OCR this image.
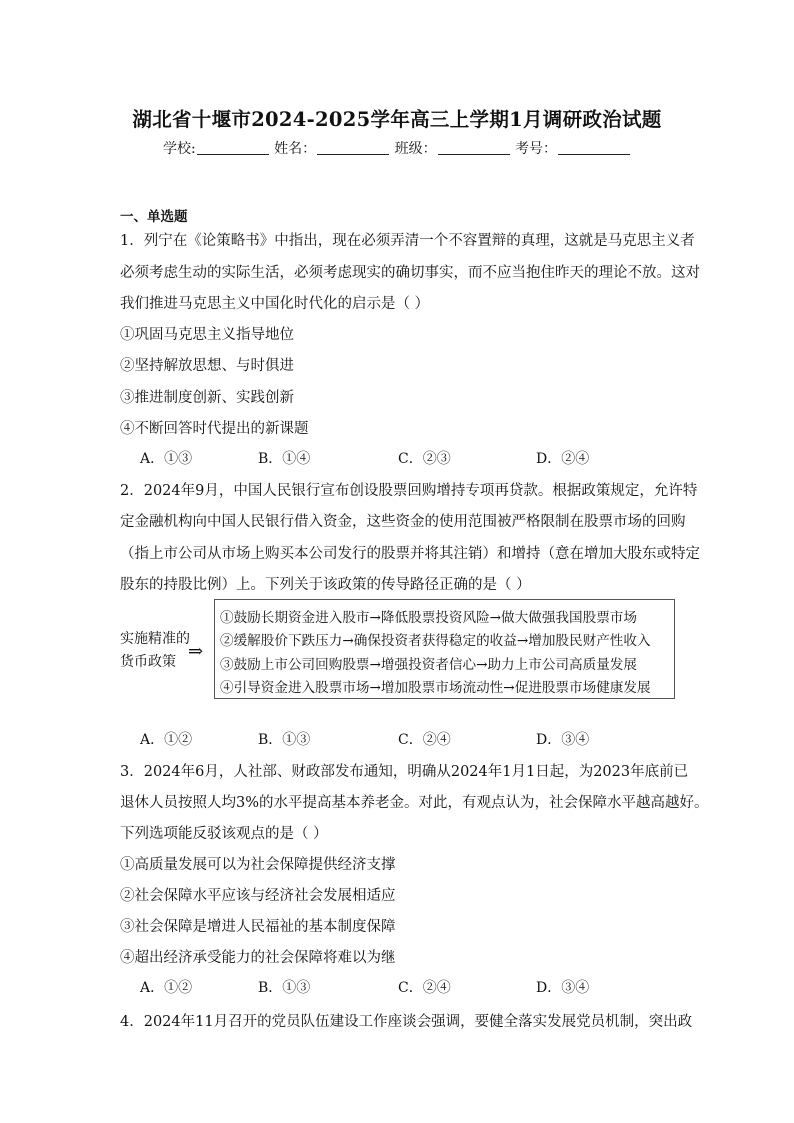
湖北省十堰市2024-2025学年高三上学期1月调研政治试题
学校:	姓名：	班级：	考号：
一、单选题
1．列宁在《论策略书》中指出，现在必须弄清一个不容置辩的真理，这就是马克思主义者
必须考虑生动的实际生活，必须考虑现实的确切事实，而不应当抱住昨天的理论不放。这对
我们推进马克思主义中国化时代化的启示是（ ）
①巩固马克思主义指导地位
②坚持解放思想、与时俱进
③推进制度创新、实践创新
④不断回答时代提出的新课题
A．①③	B．①④	C．②③	D．②④
2．2024年9月，中国人民银行宣布创设股票回购增持专项再贷款。根据政策规定，允许特
定金融机构向中国人民银行借入资金，这些资金的使用范围被严格限制在股票市场的回购
（指上市公司从市场上购买本公司发行的股票并将其注销）和增持（意在增加大股东或特定
股东的持股比例）上。下列关于该政策的传导路径正确的是（ ）
实施精准的
货币政策 ⇒
①鼓励长期资金进入股市→降低股票投资风险→做大做强我国股票市场
②缓解股价下跌压力→确保投资者获得稳定的收益→增加股民财产性收入
③鼓励上市公司回购股票→增强投资者信心→助力上市公司高质量发展
④引导资金进入股票市场→增加股票市场流动性→促进股票市场健康发展
A．①②	B．①③	C．②④	D．③④
3．2024年6月，人社部、财政部发布通知，明确从2024年1月1日起，为2023年底前已
退休人员按照人均3%的水平提高基本养老金。对此，有观点认为，社会保障水平越高越好。
下列选项能反驳该观点的是（ ）
①高质量发展可以为社会保障提供经济支撑
②社会保障水平应该与经济社会发展相适应
③社会保障是增进人民福祉的基本制度保障
④超出经济承受能力的社会保障将难以为继
A．①②	B．①③	C．②④	D．③④
4．2024年11月召开的党员队伍建设工作座谈会强调，要健全落实发展党员机制，突出政
